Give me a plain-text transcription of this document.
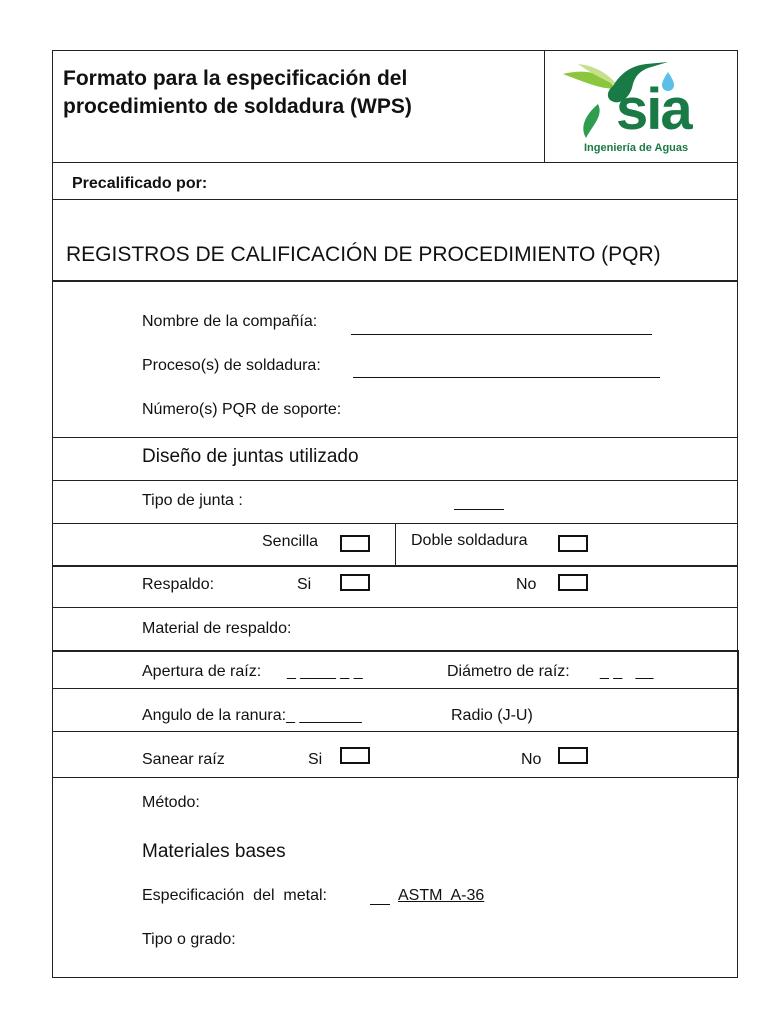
Formato para la especificación del
procedimiento de soldadura (WPS)	sia
Ingeniería de Aguas
Precalificado por:
REGISTROS DE CALIFICACIÓN DE PROCEDIMIENTO (PQR)
Nombre de la compañía:
Proceso(s) de soldadura:
Número(s) PQR de soporte:
Diseño de juntas utilizado
Tipo de junta :
Sencilla	Doble soldadura
Respaldo:	Si	No
Material de respaldo:
Apertura de raíz: _ ____ _ _	Diámetro de raíz: _ _   __
Angulo de la ranura:_ _______	Radio (J-U)
Sanear raíz	Si	No
Método:
Materiales bases
Especificación  del  metal:	ASTM  A-36
Tipo o grado:
